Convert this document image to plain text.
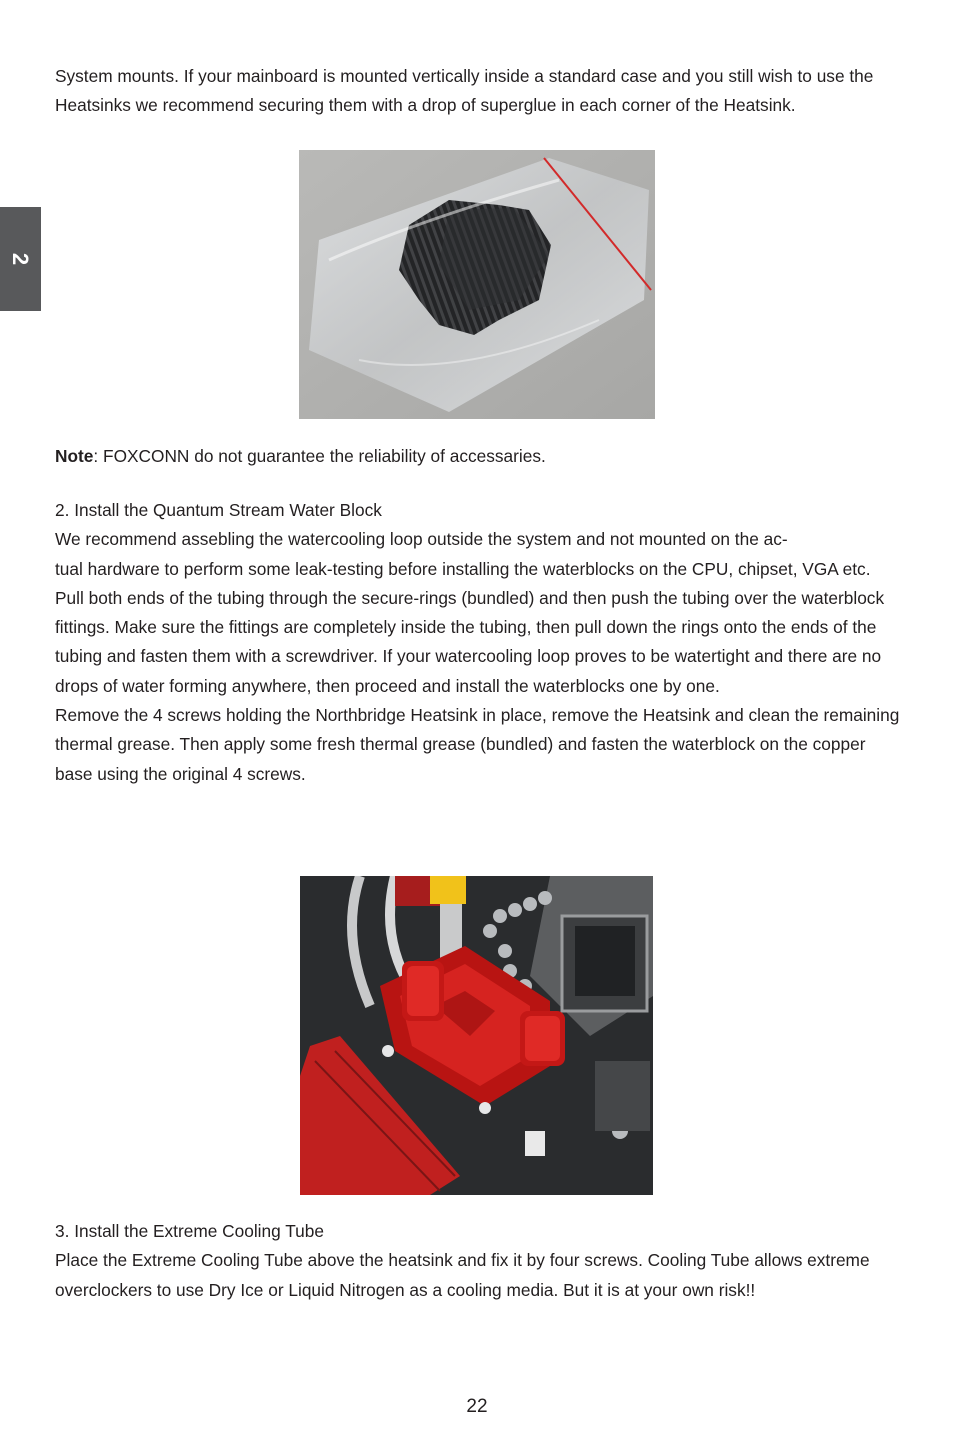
2

System mounts. If your mainboard is mounted vertically inside a standard case and you still wish to use the Heatsinks we recommend securing them with a drop of superglue in each corner of the Heatsink.

Note: FOXCONN do not guarantee the reliability of accessaries.

2. Install the Quantum Stream Water Block

We recommend assebling the watercooling loop outside the system and not mounted on the ac-

tual hardware to perform some leak-testing before installing the waterblocks on the CPU, chipset, VGA etc.

Pull both ends of the tubing through the secure-rings (bundled) and then push the tubing over the waterblock fittings. Make sure the fittings are completely inside the tubing, then pull down the rings onto the ends of the tubing and fasten them with a screwdriver. If your watercooling loop proves to be watertight and there are no drops of water forming anywhere, then proceed and install the waterblocks one by one.

Remove the 4 screws holding the Northbridge Heatsink in place, remove the Heatsink and clean the remaining thermal grease. Then apply some fresh thermal grease (bundled) and fasten the waterblock on the copper base using the original 4 screws.

3. Install the Extreme Cooling Tube

Place the Extreme Cooling Tube above the heatsink and fix it by four screws. Cooling Tube allows extreme overclockers to use Dry Ice or Liquid Nitrogen as a cooling media. But it is at your own risk!!

22
